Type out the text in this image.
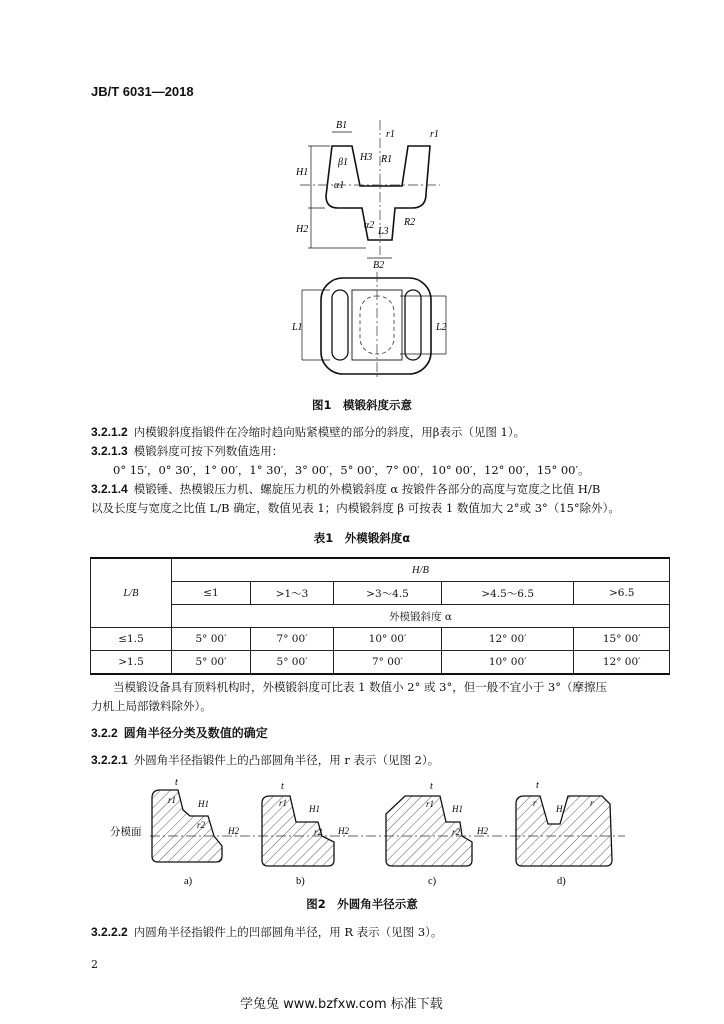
JB/T 6031—2018
B1
r1	r1
H1
β1 H3 R1
α1
H2	α2
L3
R2
B2
L1	L2
图1　模锻斜度示意
3.2.1.2 内模锻斜度指锻件在冷缩时趋向贴紧模壁的部分的斜度，用β表示（见图 1）。
3.2.1.3 模锻斜度可按下列数值选用：
0° 15′，0° 30′，1° 00′，1° 30′，3° 00′，5° 00′，7° 00′，10° 00′，12° 00′，15° 00′。
3.2.1.4 模锻锤、热模锻压力机、螺旋压力机的外模锻斜度 α 按锻件各部分的高度与宽度之比值 H/B
以及长度与宽度之比值 L/B 确定，数值见表 1；内模锻斜度 β 可按表 1 数值加大 2°或 3°（15°除外）。
表1　外模锻斜度α
L/B	H/B				
	≤1	>1～3	>3～4.5	>4.5～6.5	>6.5
	外模锻斜度 α				
≤1.5	5° 00′	7° 00′	10° 00′	12° 00′	15° 00′
>1.5	5° 00′	5° 00′	7° 00′	10° 00′	12° 00′
当模锻设备具有顶料机构时，外模锻斜度可比表 1 数值小 2° 或 3°，但一般不宜小于 3°（摩擦压
力机上局部镦料除外）。
3.2.2 圆角半径分类及数值的确定
3.2.2.1 外圆角半径指锻件上的凸部圆角半径，用 r 表示（见图 2）。
分模面
t
r1 H1
r2
H2
t
r1
H1
r2 H2
t
r1 H1
r2 H2
t
r
H
r
a)	b)	c)	d)
图2　外圆角半径示意
3.2.2.2 内圆角半径指锻件上的凹部圆角半径，用 R 表示（见图 3）。
2
学兔兔 www.bzfxw.com 标准下载
